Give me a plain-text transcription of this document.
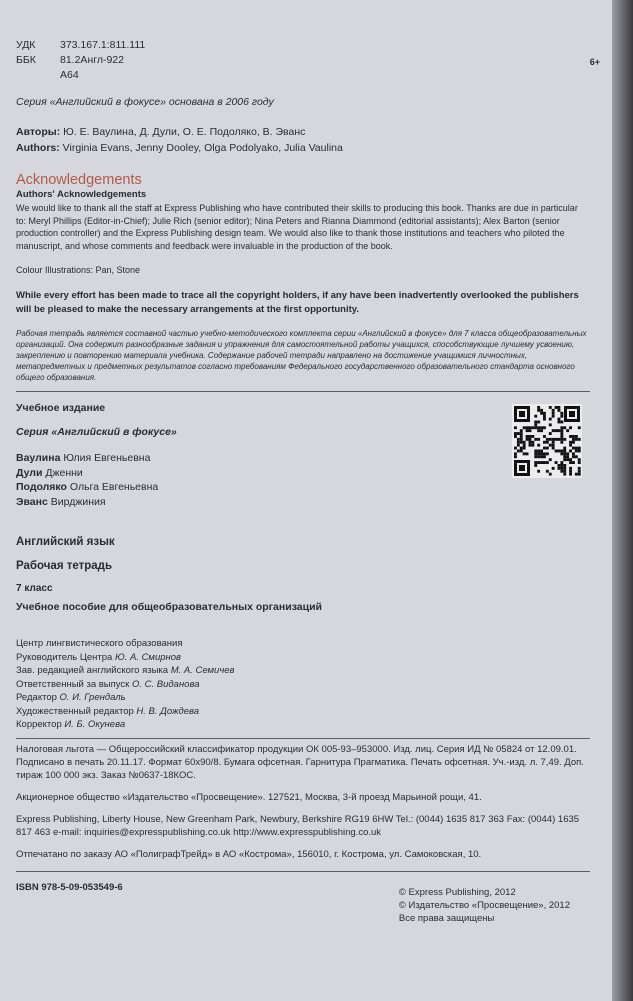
УДК	373.167.1:811.111
ББК	81.2Англ-922
А64
6+
Серия «Английский в фокусе» основана в 2006 году
Авторы: Ю. Е. Ваулина, Д. Дули, О. Е. Подоляко, В. Эванс
Authors: Virginia Evans, Jenny Dooley, Olga Podolyako, Julia Vaulina
Acknowledgements
Authors' Acknowledgements
We would like to thank all the staff at Express Publishing who have contributed their skills to producing this book. Thanks are due in particular to: Meryl Phillips (Editor-in-Chief); Julie Rich (senior editor); Nina Peters and Rianna Diammond (editorial assistants); Alex Barton (senior production controller) and the Express Publishing design team. We would also like to thank those institutions and teachers who piloted the manuscript, and whose comments and feedback were invaluable in the production of the book.
Colour Illustrations: Pan, Stone
While every effort has been made to trace all the copyright holders, if any have been inadvertently overlooked the publishers will be pleased to make the necessary arrangements at the first opportunity.
Рабочая тетрадь является составной частью учебно-методического комплекта серии «Английский в фокусе» для 7 класса общеобразовательных организаций. Она содержит разнообразные задания и упражнения для самостоятельной работы учащихся, способствующие лучшему усвоению, закреплению и повторению материала учебника. Содержание рабочей тетради направлено на достижение учащимися личностных, метапредметных и предметных результатов согласно требованиям Федерального государственного образовательного стандарта основного общего образования.
Учебное издание
Серия «Английский в фокусе»
Ваулина Юлия Евгеньевна
Дули Дженни
Подоляко Ольга Евгеньевна
Эванс Вирджиния
Английский язык
Рабочая тетрадь
7 класс
Учебное пособие для общеобразовательных организаций
Центр лингвистического образования
Руководитель Центра Ю. А. Смирнов
Зав. редакцией английского языка М. А. Семичев
Ответственный за выпуск О. С. Виданова
Редактор О. И. Грендаль
Художественный редактор Н. В. Дождева
Корректор И. Б. Окунева

Налоговая льгота — Общероссийский классификатор продукции ОК 005-93–953000. Изд. лиц. Серия ИД № 05824 от 12.09.01. Подписано в печать 20.11.17. Формат 60х90/8. Бумага офсетная. Гарнитура Прагматика. Печать офсетная. Уч.-изд. л. 7,49. Доп. тираж 100 000 экз. Заказ №0637-18КОС.

Акционерное общество «Издательство «Просвещение». 127521, Москва, 3-й проезд Марьиной рощи, 41.

Express Publishing, Liberty House, New Greenham Park, Newbury, Berkshire RG19 6HW Tel.: (0044) 1635 817 363 Fax: (0044) 1635 817 463 e-mail: inquiries@expresspublishing.co.uk http://www.expresspublishing.co.uk

Отпечатано по заказу АО «ПолиграфТрейд» в АО «Кострома», 156010, г. Кострома, ул. Самоковская, 10.

ISBN 978-5-09-053549-6	© Express Publishing, 2012
© Издательство «Просвещение», 2012
Все права защищены
